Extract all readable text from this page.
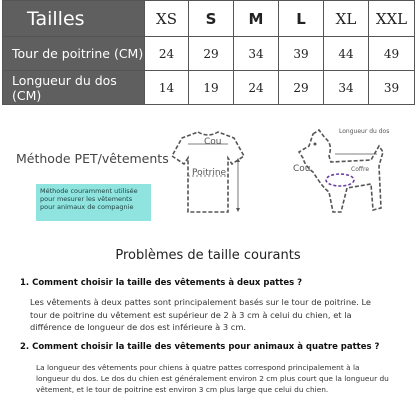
Tailles	XS	S	M	L	XL	XXL
Tour de poitrine (CM)	24	29	34	39	44	49
Longueur du dos (CM)	14	19	24	29	34	39
Méthode PET/vêtements
Méthode couramment utilisée pour mesurer les vêtements pour animaux de compagnie
Cou
Poitrine
Longueur du dos
Cou	Coffre
Problèmes de taille courants
1. Comment choisir la taille des vêtements à deux pattes ?
Les vêtements à deux pattes sont principalement basés sur le tour de poitrine. Le
tour de poitrine du vêtement est supérieur de 2 à 3 cm à celui du chien, et la
différence de longueur de dos est inférieure à 3 cm.
2. Comment choisir la taille des vêtements pour animaux à quatre pattes ?
La longueur des vêtements pour chiens à quatre pattes correspond principalement à la
longueur du dos. Le dos du chien est généralement environ 2 cm plus court que la longueur du
vêtement, et le tour de poitrine est environ 3 cm plus large que celui du chien.
